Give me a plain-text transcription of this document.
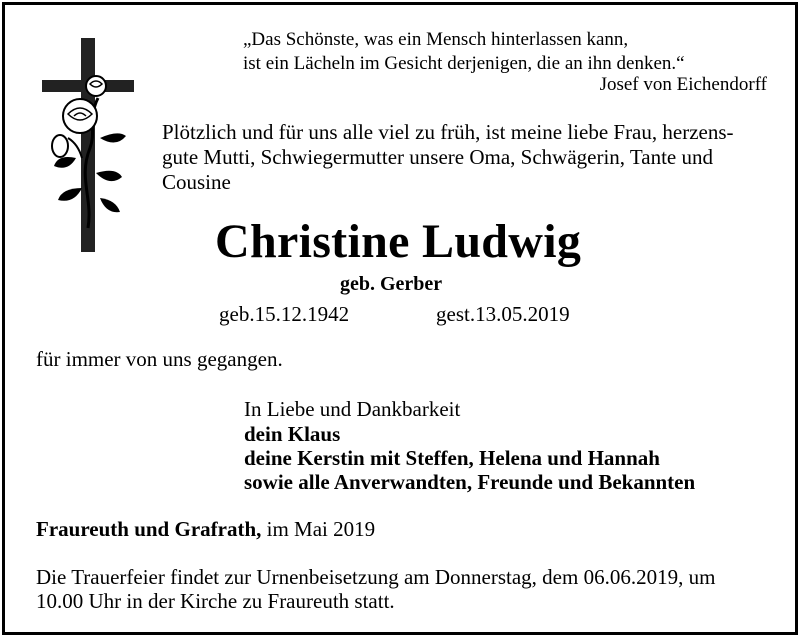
„Das Schönste, was ein Mensch hinterlassen kann,
ist ein Lächeln im Gesicht derjenigen, die an ihn denken.“
Josef von Eichendorff
Plötzlich und für uns alle viel zu früh, ist meine liebe Frau, herzens-
gute Mutti, Schwiegermutter unsere Oma, Schwägerin, Tante und
Cousine
Christine Ludwig
geb. Gerber
geb.15.12.1942	gest.13.05.2019
für immer von uns gegangen.
In Liebe und Dankbarkeit
dein Klaus
deine Kerstin mit Steffen, Helena und Hannah
sowie alle Anverwandten, Freunde und Bekannten
Fraureuth und Grafrath, im Mai 2019
Die Trauerfeier findet zur Urnenbeisetzung am Donnerstag, dem 06.06.2019, um
10.00 Uhr in der Kirche zu Fraureuth statt.
